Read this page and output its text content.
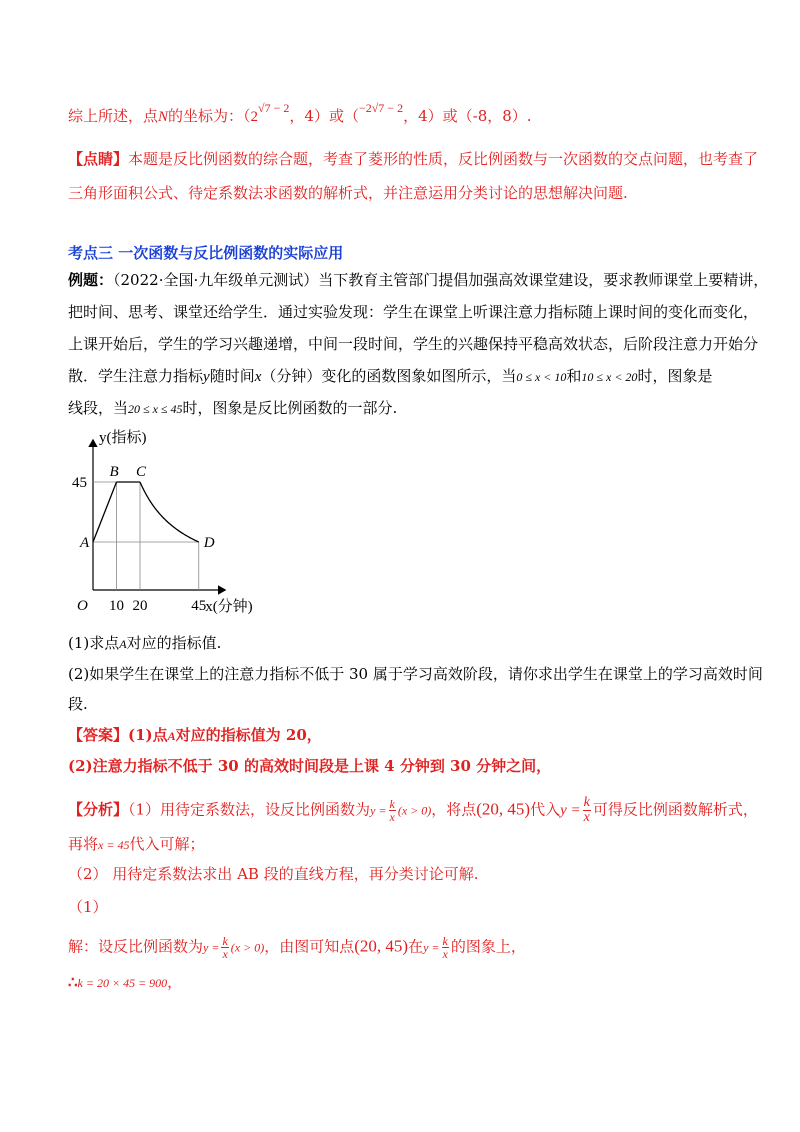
综上所述，点N的坐标为：（2√7 − 2，4）或（−2√7 − 2，4）或（-8，8）.
【点睛】本题是反比例函数的综合题，考查了菱形的性质，反比例函数与一次函数的交点问题，也考查了
三角形面积公式、待定系数法求函数的解析式，并注意运用分类讨论的思想解决问题.
考点三 一次函数与反比例函数的实际应用
例题：（2022·全国·九年级单元测试）当下教育主管部门提倡加强高效课堂建设，要求教师课堂上要精讲，
把时间、思考、课堂还给学生．通过实验发现：学生在课堂上听课注意力指标随上课时间的变化而变化，
上课开始后，学生的学习兴趣递增，中间一段时间，学生的兴趣保持平稳高效状态，后阶段注意力开始分
散．学生注意力指标y随时间x（分钟）变化的函数图象如图所示，当0 ≤ x < 10和10 ≤ x < 20时，图象是
线段，当20 ≤ x ≤ 45时，图象是反比例函数的一部分.
B C
A	D
10 20	45
45
O
y(指标)
x(分钟)
(1)求点A对应的指标值.
(2)如果学生在课堂上的注意力指标不低于 30 属于学习高效阶段，请你求出学生在课堂上的学习高效时间
段.
【答案】(1)点A对应的指标值为 20，
(2)注意力指标不低于 30 的高效时间段是上课 4 分钟到 30 分钟之间，
【分析】（1）用待定系数法，设反比例函数为$y = \frac{k}{x} (x > 0)$，将点(20, 45)代入$y = \frac{k}{x}$ 可得反比例函数解析式，
再将x = 45代入可解；
（2） 用待定系数法求出 AB 段的直线方程，再分类讨论可解.
（1）
解：设反比例函数为$y = \frac{k}{x} (x > 0)$，由图可知点(20, 45)在$y = \frac{k}{x}$ 的图象上，
∴k = 20 × 45 = 900，
